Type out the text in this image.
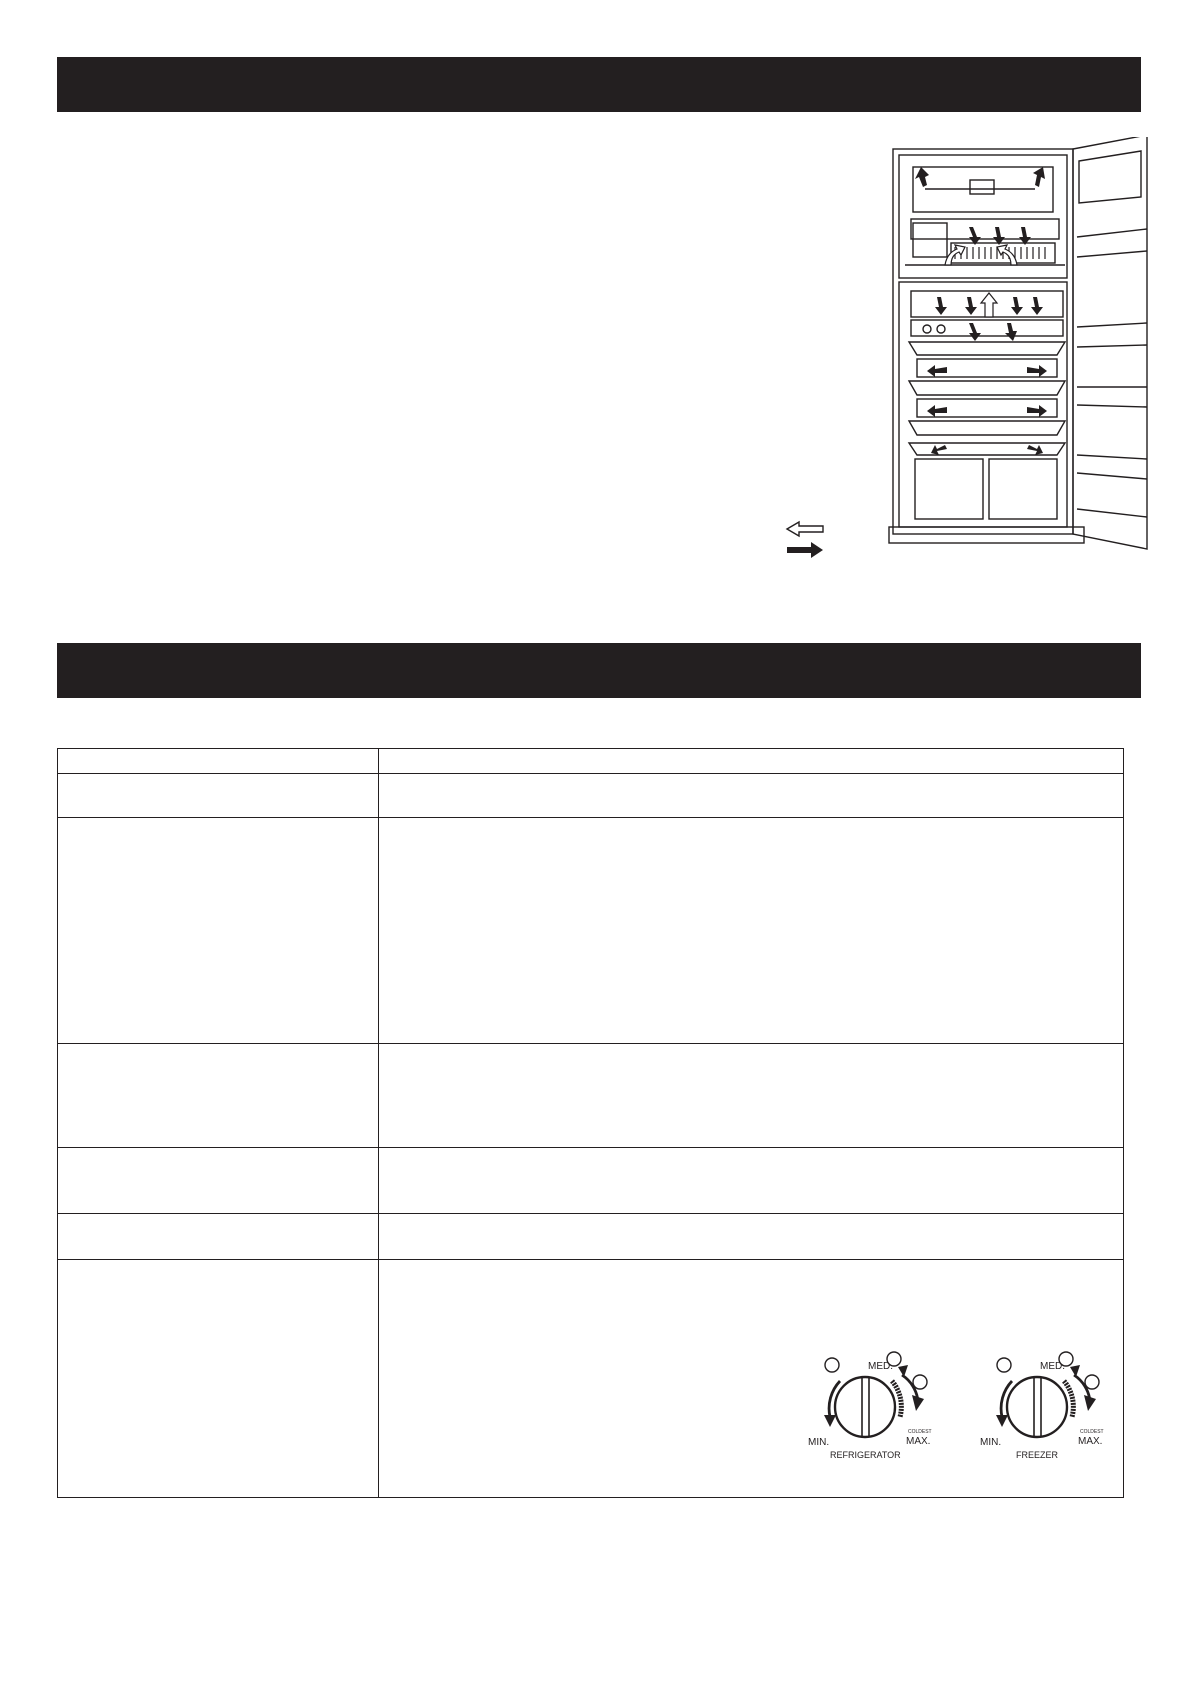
MED.
MIN.
COLDEST
MAX.
REFRIGERATOR
MED.
MIN.
COLDEST
MAX.
FREEZER
